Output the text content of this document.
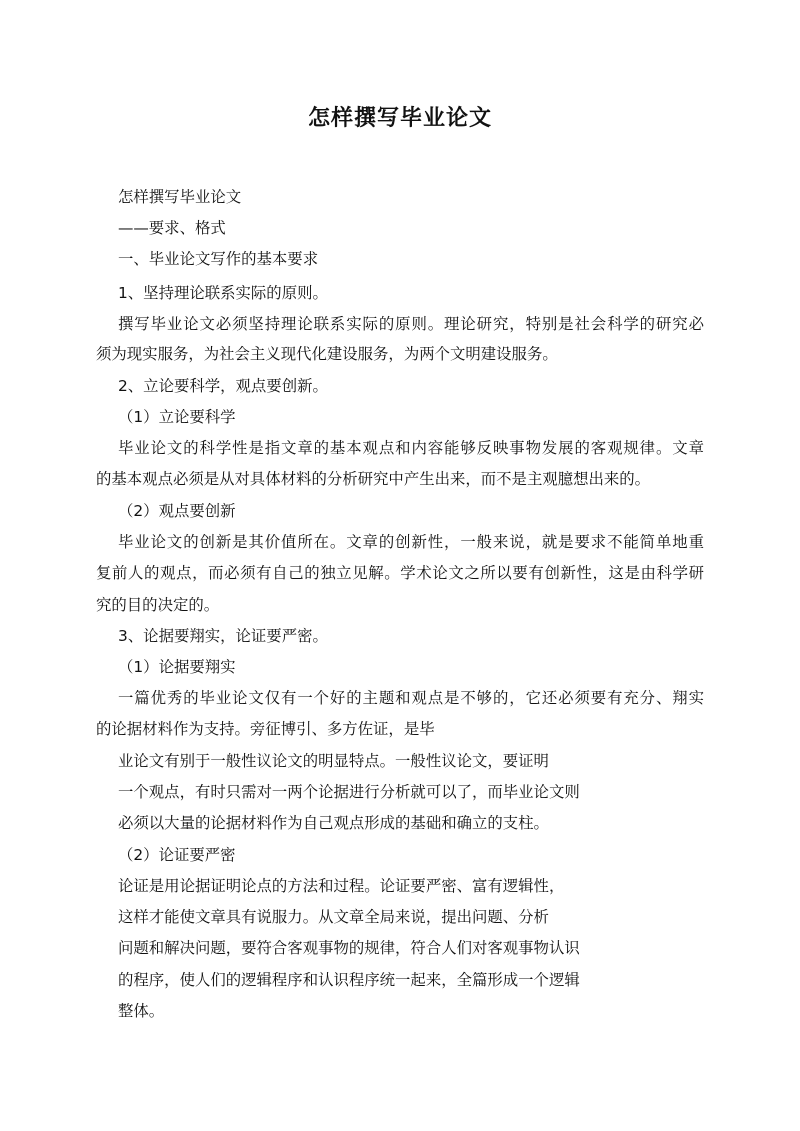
怎样撰写毕业论文

怎样撰写毕业论文

——要求、格式

一、毕业论文写作的基本要求

1、坚持理论联系实际的原则。

撰写毕业论文必须坚持理论联系实际的原则。理论研究，特别是社会科学的研究必

须为现实服务，为社会主义现代化建设服务，为两个文明建设服务。

2、立论要科学，观点要创新。

（1）立论要科学

毕业论文的科学性是指文章的基本观点和内容能够反映事物发展的客观规律。文章

的基本观点必须是从对具体材料的分析研究中产生出来，而不是主观臆想出来的。

（2）观点要创新

毕业论文的创新是其价值所在。文章的创新性，一般来说，就是要求不能简单地重

复前人的观点，而必须有自己的独立见解。学术论文之所以要有创新性，这是由科学研

究的目的决定的。

3、论据要翔实，论证要严密。

（1）论据要翔实

一篇优秀的毕业论文仅有一个好的主题和观点是不够的，它还必须要有充分、翔实

的论据材料作为支持。旁征博引、多方佐证，是毕

业论文有别于一般性议论文的明显特点。一般性议论文，要证明

一个观点，有时只需对一两个论据进行分析就可以了，而毕业论文则

必须以大量的论据材料作为自己观点形成的基础和确立的支柱。

（2）论证要严密

论证是用论据证明论点的方法和过程。论证要严密、富有逻辑性，

这样才能使文章具有说服力。从文章全局来说，提出问题、分析

问题和解决问题，要符合客观事物的规律，符合人们对客观事物认识

的程序，使人们的逻辑程序和认识程序统一起来，全篇形成一个逻辑

整体。
